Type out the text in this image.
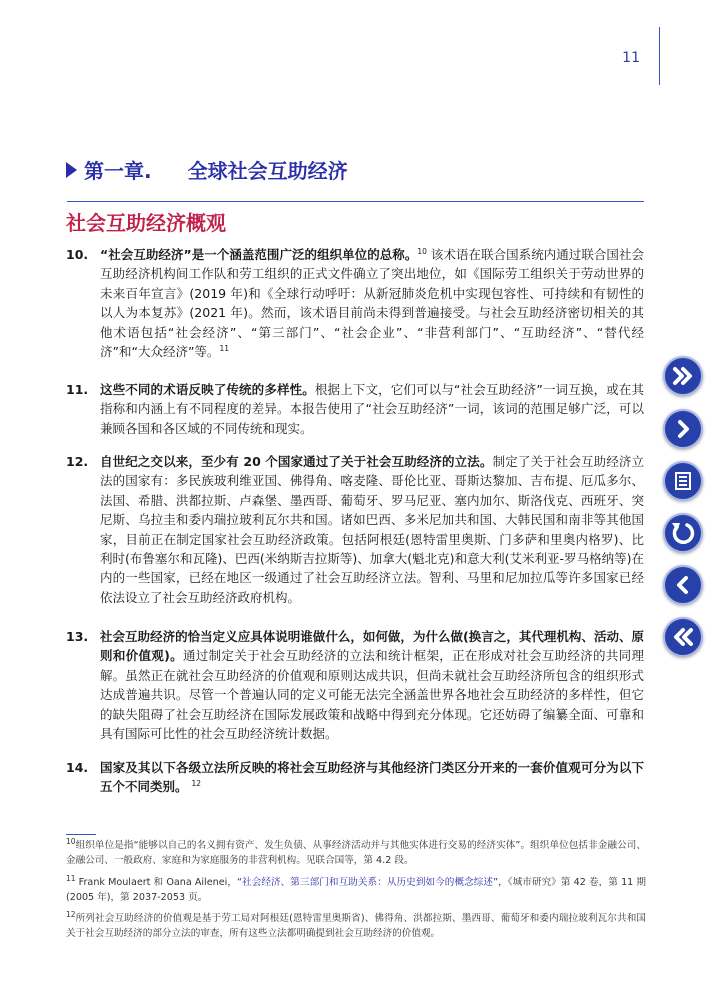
11
第一章. 全球社会互助经济
社会互助经济概观
10. “社会互助经济”是一个涵盖范围广泛的组织单位的总称。$^{10}$ 该术语在联合国系统内通过联合国社会互助经济机构间工作队和劳工组织的正式文件确立了突出地位，如《国际劳工组织关于劳动世界的未来百年宣言》(2019 年)和《全球行动呼吁：从新冠肺炎危机中实现包容性、可持续和有韧性的以人为本复苏》(2021 年)。然而，该术语目前尚未得到普遍接受。与社会互助经济密切相关的其他术语包括“社会经济”、“第三部门”、“社会企业”、“非营利部门”、“互助经济”、“替代经济”和“大众经济”等。$^{11}$
11. 这些不同的术语反映了传统的多样性。根据上下文，它们可以与“社会互助经济”一词互换，或在其指称和内涵上有不同程度的差异。本报告使用了“社会互助经济”一词，该词的范围足够广泛，可以兼顾各国和各区域的不同传统和现实。
12. 自世纪之交以来，至少有 20 个国家通过了关于社会互助经济的立法。制定了关于社会互助经济立法的国家有：多民族玻利维亚国、佛得角、喀麦隆、哥伦比亚、哥斯达黎加、吉布提、厄瓜多尔、法国、希腊、洪都拉斯、卢森堡、墨西哥、葡萄牙、罗马尼亚、塞内加尔、斯洛伐克、西班牙、突尼斯、乌拉圭和委内瑞拉玻利瓦尔共和国。诸如巴西、多米尼加共和国、大韩民国和南非等其他国家，目前正在制定国家社会互助经济政策。包括阿根廷(恩特雷里奥斯、门多萨和里奥内格罗)、比利时(布鲁塞尔和瓦隆)、巴西(米纳斯吉拉斯等)、加拿大(魁北克)和意大利(艾米利亚-罗马格纳等)在内的一些国家，已经在地区一级通过了社会互助经济立法。智利、马里和尼加拉瓜等许多国家已经依法设立了社会互助经济政府机构。
13. 社会互助经济的恰当定义应具体说明谁做什么，如何做，为什么做(换言之，其代理机构、活动、原则和价值观)。通过制定关于社会互助经济的立法和统计框架，正在形成对社会互助经济的共同理解。虽然正在就社会互助经济的价值观和原则达成共识，但尚未就社会互助经济所包含的组织形式达成普遍共识。尽管一个普遍认同的定义可能无法完全涵盖世界各地社会互助经济的多样性，但它的缺失阻碍了社会互助经济在国际发展政策和战略中得到充分体现。它还妨碍了编纂全面、可靠和具有国际可比性的社会互助经济统计数据。
14. 国家及其以下各级立法所反映的将社会互助经济与其他经济门类区分开来的一套价值观可分为以下五个不同类别。 $^{12}$
$^{10}$组织单位是指“能够以自己的名义拥有资产、发生负债、从事经济活动并与其他实体进行交易的经济实体”。组织单位包括非金融公司、金融公司、一般政府、家庭和为家庭服务的非营利机构。见联合国等，第 4.2 段。
$^{11}$ Frank Moulaert 和 Oana Ailenei，“社会经济、第三部门和互助关系：从历史到如今的概念综述”，《城市研究》第 42 卷，第 11 期(2005 年)，第 2037-2053 页。
$^{12}$所列社会互助经济的价值观是基于劳工局对阿根廷(恩特雷里奥斯省)、佛得角、洪都拉斯、墨西哥、葡萄牙和委内瑞拉玻利瓦尔共和国关于社会互助经济的部分立法的审查，所有这些立法都明确提到社会互助经济的价值观。
